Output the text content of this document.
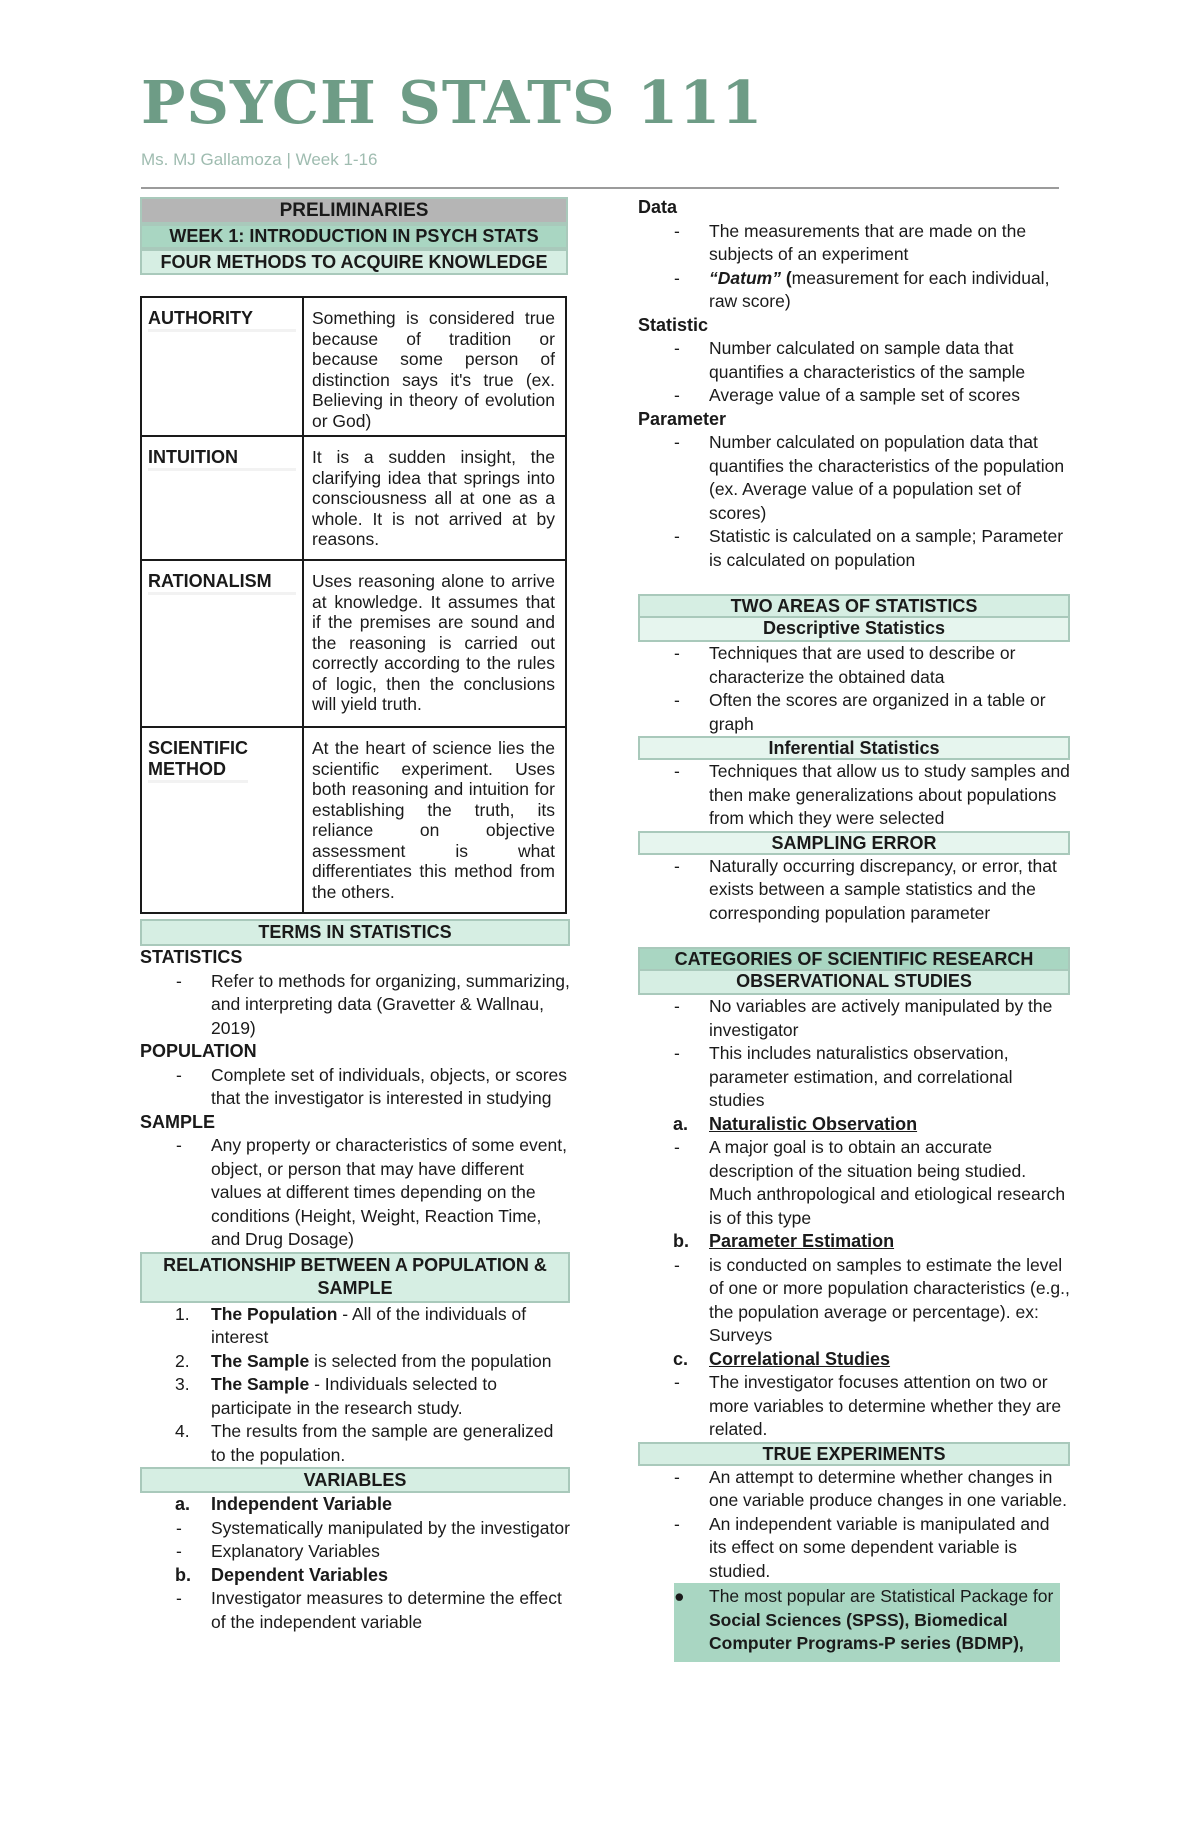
PSYCH STATS 111
Ms. MJ Gallamoza | Week 1-16
PRELIMINARIES
WEEK 1: INTRODUCTION IN PSYCH STATS
FOUR METHODS TO ACQUIRE KNOWLEDGE
AUTHORITY	Something is considered true because of tradition or because some person of distinction says it's true (ex. Believing in theory of evolution or God)

INTUITION	It is a sudden insight, the clarifying idea that springs into consciousness all at one as a whole. It is not arrived at by reasons.

RATIONALISM	Uses reasoning alone to arrive at knowledge. It assumes that if the premises are sound and the reasoning is carried out correctly according to the rules of logic, then the conclusions will yield truth.

SCIENTIFIC METHOD	At the heart of science lies the scientific experiment. Uses both reasoning and intuition for establishing the truth, its reliance on objective assessment is what differentiates this method from the others.
TERMS IN STATISTICS

STATISTICS

- Refer to methods for organizing, summarizing, and interpreting data (Gravetter & Wallnau, 2019)

POPULATION

- Complete set of individuals, objects, or scores that the investigator is interested in studying

SAMPLE

- Any property or characteristics of some event, object, or person that may have different values at different times depending on the conditions (Height, Weight, Reaction Time, and Drug Dosage)
RELATIONSHIP BETWEEN A POPULATION & SAMPLE
1. The Population - All of the individuals of interest
2. The Sample is selected from the population
3. The Sample - Individuals selected to participate in the research study.
4. The results from the sample are generalized to the population.
VARIABLES
a. Independent Variable
- Systematically manipulated by the investigator
- Explanatory Variables
b. Dependent Variables
- Investigator measures to determine the effect of the independent variable

Data

- The measurements that are made on the subjects of an experiment
- “Datum” (measurement for each individual, raw score)

Statistic

- Number calculated on sample data that quantifies a characteristics of the sample
- Average value of a sample set of scores

Parameter

- Number calculated on population data that quantifies the characteristics of the population (ex. Average value of a population set of scores)
- Statistic is calculated on a sample; Parameter is calculated on population
TWO AREAS OF STATISTICS
Descriptive Statistics
- Techniques that are used to describe or characterize the obtained data
- Often the scores are organized in a table or graph
Inferential Statistics
- Techniques that allow us to study samples and then make generalizations about populations from which they were selected
SAMPLING ERROR
- Naturally occurring discrepancy, or error, that exists between a sample statistics and the corresponding population parameter
CATEGORIES OF SCIENTIFIC RESEARCH
OBSERVATIONAL STUDIES
- No variables are actively manipulated by the investigator
- This includes naturalistics observation, parameter estimation, and correlational studies
a. Naturalistic Observation
- A major goal is to obtain an accurate description of the situation being studied. Much anthropological and etiological research is of this type
b. Parameter Estimation
- is conducted on samples to estimate the level of one or more population characteristics (e.g., the population average or percentage). ex: Surveys
c. Correlational Studies
- The investigator focuses attention on two or more variables to determine whether they are related.
TRUE EXPERIMENTS
- An attempt to determine whether changes in one variable produce changes in one variable.
- An independent variable is manipulated and its effect on some dependent variable is studied.
●	The most popular are Statistical Package for Social Sciences (SPSS), Biomedical Computer Programs-P series (BDMP),
